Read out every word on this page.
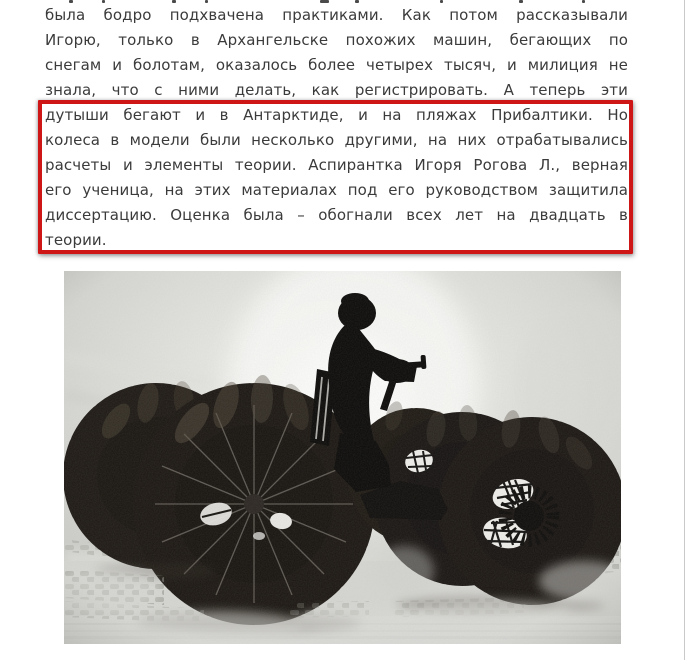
была бодро подхвачена практиками. Как потом рассказывали
Игорю, только в Архангельске похожих машин, бегающих по
снегам и болотам, оказалось более четырех тысяч, и милиция не
знала, что с ними делать, как регистрировать. А теперь эти
дутыши бегают и в Антарктиде, и на пляжах Прибалтики. Но
колеса в модели были несколько другими, на них отрабатывались
расчеты и элементы теории. Аспирантка Игоря Рогова Л., верная
его ученица, на этих материалах под его руководством защитила
диссертацию. Оценка была – обогнали всех лет на двадцать в
теории.
